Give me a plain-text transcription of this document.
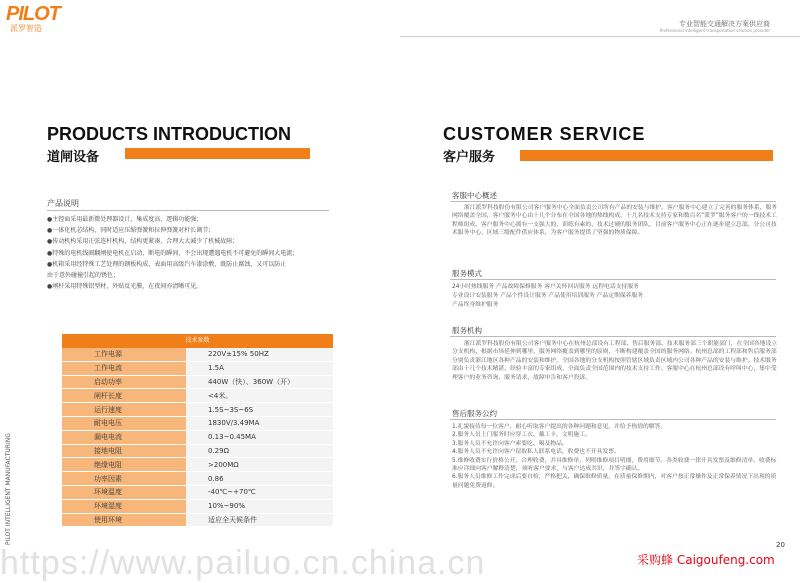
PILOT
派罗智造	专业智能交通解决方案供应商
Professional intelligent transportation solution provider
PRODUCTS INTRODUCTION
道闸设备
产品说明
●主控面采用最新微处理器设计，集成度高，逻辑功能强；
●一体化机芯结构，同时适应压缩弹簧和拉伸弹簧对杆长调节；
●传动机构采用正弦连杆机构，结构更紧凑，合理大大减少了机械故障；
●特殊的电机线圈翻闸使电机在启动、断电的瞬间，不会出现遭遇电机不可避免的瞬间大电流；
●机箱采用经特殊工艺处理的钢板构成，表面用高级汽车漆涂敷，既防止腐蚀，又可以防止
由于意外碰撞引起的锈色；
●闸杆采用特殊铝型材，外贴反光膜，在夜间亦清晰可见。
技术参数
工作电源	220V±15% 50HZ
工作电流	1.5A
启动功率	440W（快）、360W（开）
闸杆长度	<4米。
运行速度	1.5S~3S~6S
耐电电压	1830V/3.49MA
漏电电流	0.13~0.45MA
接地电阻	0.29Ω
绝缘电阻	>200MΩ
功率因素	0.86
环境温度	-40℃~+70℃
环境湿度	10%~90%
使用环境	适应全天候条件
PILOT INTELLIGENT MANUFACTURING
CUSTOMER SERVICE
客户服务
客服中心概述
浙江派罗科技股份有限公司客户服务中心全面负责公司所有产品的安装与维护。客户服务中心建立了完善的服务体系，服务网络覆盖全国，客户服务中心由十几个分布在全国各地的热线构成，十几名技术支持专家和数百名“派罗”服务客户的一线技术工程师组成。客户服务中心拥有一支强大的、训练有素的、技术过硬的服务团队，目前客户服务中心正在逐步建立总部、分公司技术服务中心、区域三级配件供应体系，为客户服务提供了坚强的物质保障。
服务模式
24小时热线服务 产品故障保修服务 客户关怀回访服务 远程电话支持服务
专业设计安装服务 产品个性设计服务 产品使用培训服务 产品定期保养服务
产品终身维护服务
服务机构
浙江派罗科技股份有限公司客户服务中心在杭州总部设有工程部、售后服务部、技术服务部三个职能部门，在全国各地设立分支机构，根据市场延伸到哪里，服务网络覆盖到哪里的原则，不断构建覆盖全国的服务网络。杭州总部的工程部和售后服务部分别负责浙江地区各种产品的安装和维护。全国各地的分支机构按照管辖区域负责区域内公司各种产品的安装与维护。技术服务部由十几个技术精湛、经验丰富的专家组成，全面负责全国范围内的技术支持工作。客服中心在杭州总部设有呼叫中心，集中受理客户的业务咨询、服务请求、故障申告和客户投诉。
售后服务公约
1.礼貌接待每一位客户，耐心听取客户提出的各种问题和意见，并给予热情的解答。
2.服务人员上门服务时应穿工衣、戴工卡，文明施工。
3.服务人员不允许向客户索要吃、喝及物品。
4.服务人员不允许向客户留取私人联系电话，收费也不开具发票。
5.维修收费实行价格公开，合理收费，并具维修单，列明维修项目明细，费用细节。各类收费一律开具发票及维修清单。收费标准应详细向客户解释清楚，须听客户要求，与客户达成共识，并签字确认。
6.服务人员维修工作完成后要自检，严格把关，确保维修质量，在质量保修期内，对客户按正常操作及正常保养情况下出现的质量问题免费返修。
20
https://www.pailuo.cn.china.cn	采购蜂 Caigoufeng.com
